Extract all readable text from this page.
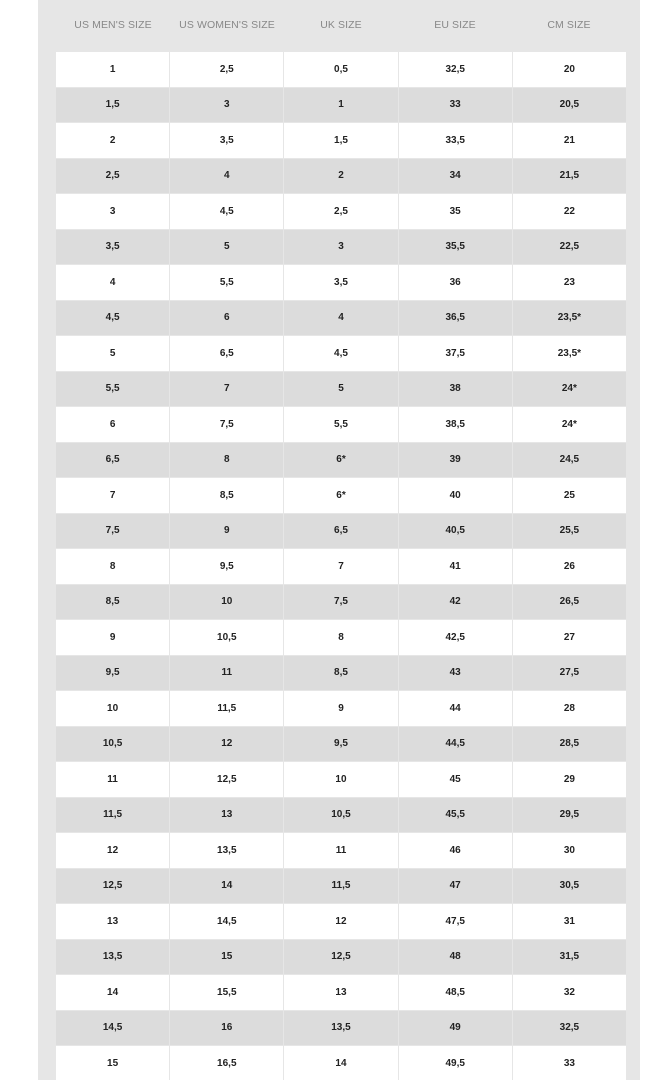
US MEN'S SIZE	US WOMEN'S SIZE	UK SIZE	EU SIZE	CM SIZE
1	2,5	0,5	32,5	20
1,5	3	1	33	20,5
2	3,5	1,5	33,5	21
2,5	4	2	34	21,5
3	4,5	2,5	35	22
3,5	5	3	35,5	22,5
4	5,5	3,5	36	23
4,5	6	4	36,5	23,5*
5	6,5	4,5	37,5	23,5*
5,5	7	5	38	24*
6	7,5	5,5	38,5	24*
6,5	8	6*	39	24,5
7	8,5	6*	40	25
7,5	9	6,5	40,5	25,5
8	9,5	7	41	26
8,5	10	7,5	42	26,5
9	10,5	8	42,5	27
9,5	11	8,5	43	27,5
10	11,5	9	44	28
10,5	12	9,5	44,5	28,5
11	12,5	10	45	29
11,5	13	10,5	45,5	29,5
12	13,5	11	46	30
12,5	14	11,5	47	30,5
13	14,5	12	47,5	31
13,5	15	12,5	48	31,5
14	15,5	13	48,5	32
14,5	16	13,5	49	32,5
15	16,5	14	49,5	33
